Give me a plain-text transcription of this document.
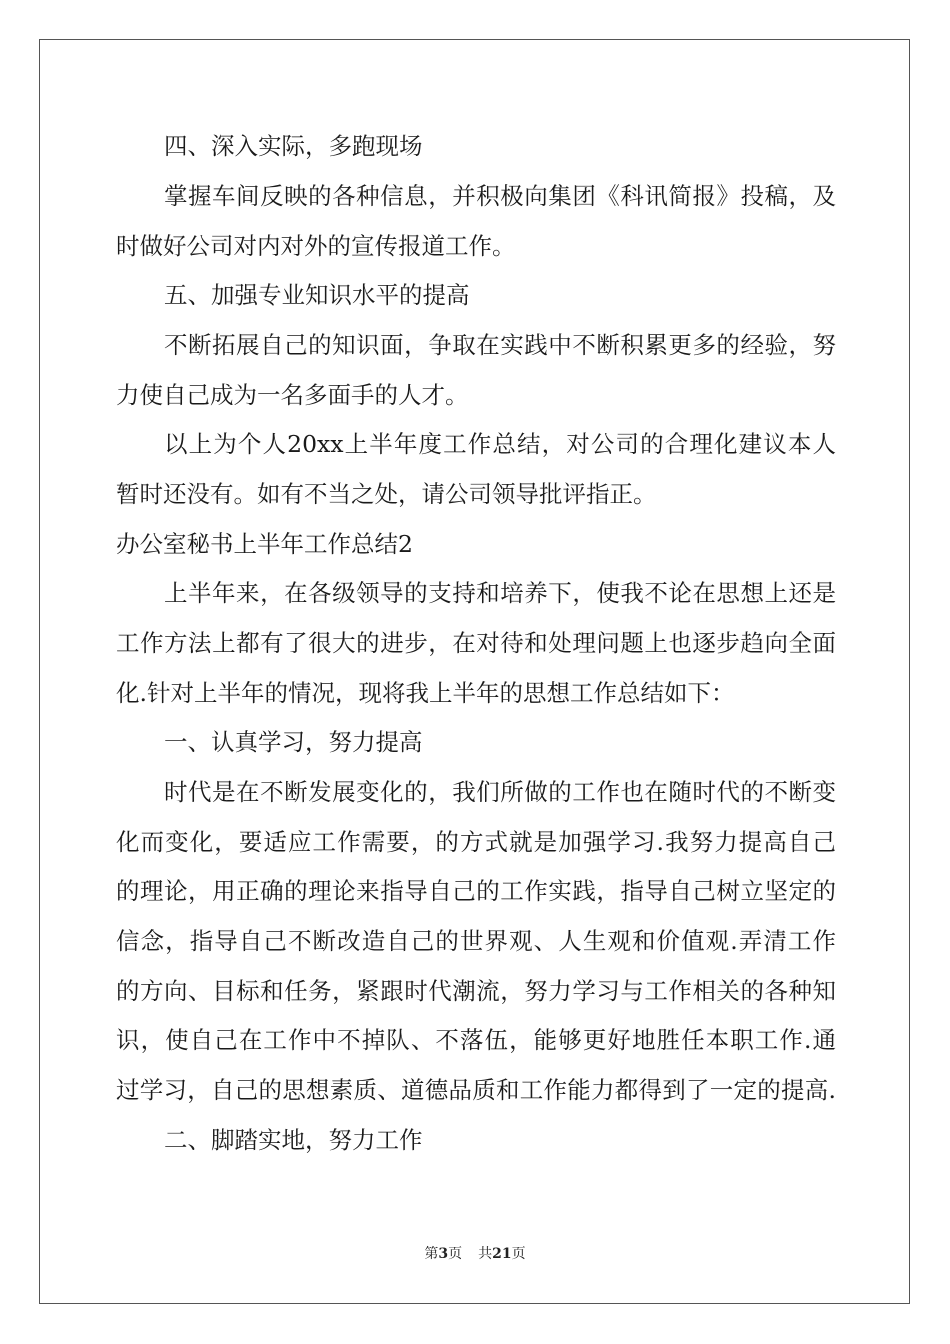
四、深入实际，多跑现场
掌握车间反映的各种信息，并积极向集团《科讯简报》投稿，及
时做好公司对内对外的宣传报道工作。
五、加强专业知识水平的提高
不断拓展自己的知识面，争取在实践中不断积累更多的经验，努
力使自己成为一名多面手的人才。
以上为个人20xx上半年度工作总结，对公司的合理化建议本人
暂时还没有。如有不当之处，请公司领导批评指正。
办公室秘书上半年工作总结2
上半年来，在各级领导的支持和培养下，使我不论在思想上还是
工作方法上都有了很大的进步，在对待和处理问题上也逐步趋向全面
化.针对上半年的情况，现将我上半年的思想工作总结如下：
一、认真学习，努力提高
时代是在不断发展变化的，我们所做的工作也在随时代的不断变
化而变化，要适应工作需要，的方式就是加强学习.我努力提高自己
的理论，用正确的理论来指导自己的工作实践，指导自己树立坚定的
信念，指导自己不断改造自己的世界观、人生观和价值观.弄清工作
的方向、目标和任务，紧跟时代潮流，努力学习与工作相关的各种知
识，使自己在工作中不掉队、不落伍，能够更好地胜任本职工作.通
过学习，自己的思想素质、道德品质和工作能力都得到了一定的提高.
二、脚踏实地，努力工作
第3页 共21页
